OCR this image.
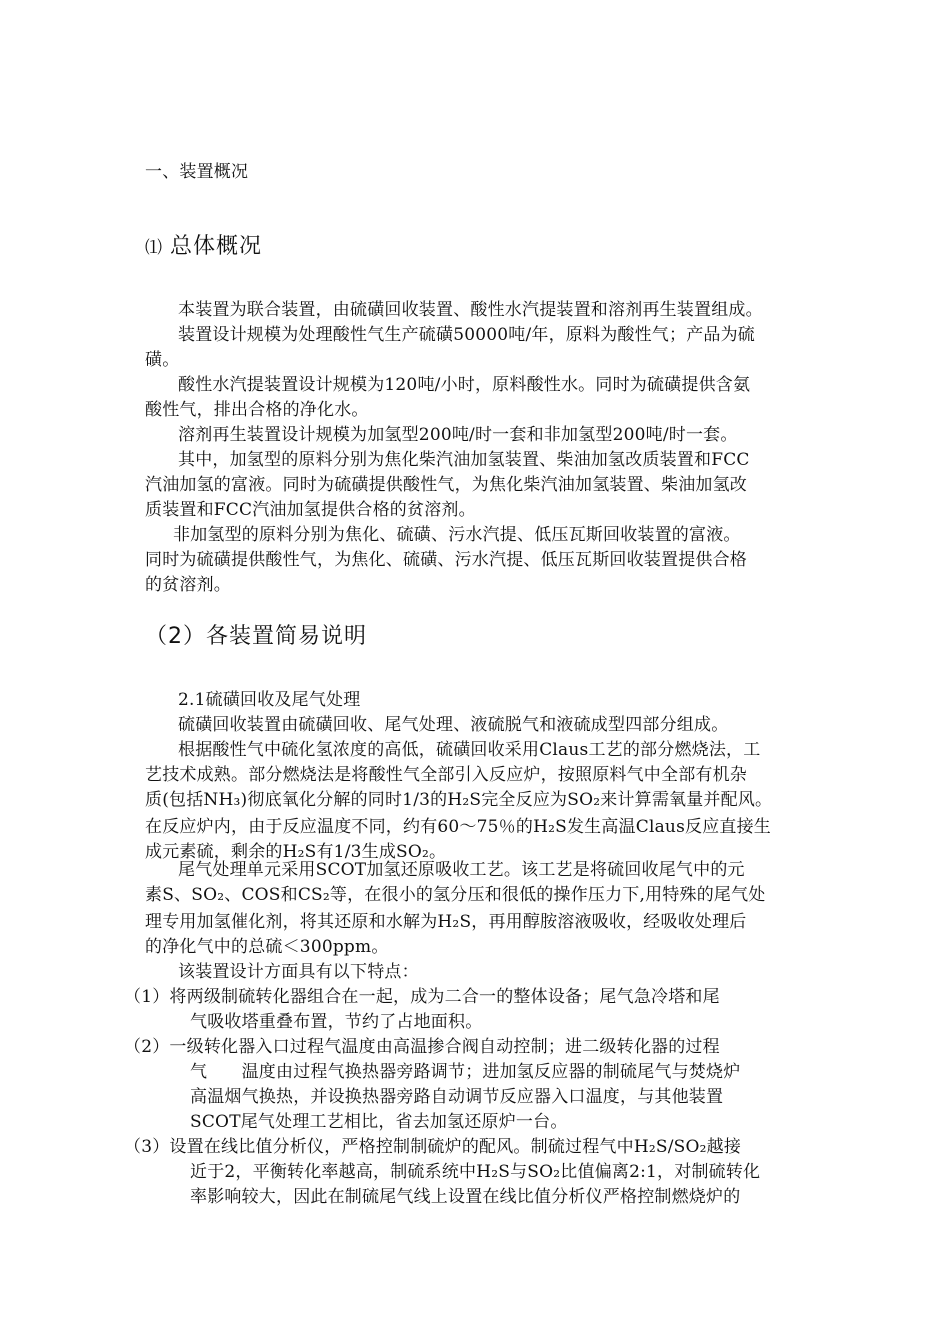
一、装置概况
⑴ 总体概况
本装置为联合装置，由硫磺回收装置、酸性水汽提装置和溶剂再生装置组成。
装置设计规模为处理酸性气生产硫磺50000吨/年，原料为酸性气；产品为硫
磺。
酸性水汽提装置设计规模为120吨/小时，原料酸性水。同时为硫磺提供含氨
酸性气，排出合格的净化水。
溶剂再生装置设计规模为加氢型200吨/时一套和非加氢型200吨/时一套。
其中，加氢型的原料分别为焦化柴汽油加氢装置、柴油加氢改质装置和FCC
汽油加氢的富液。同时为硫磺提供酸性气，为焦化柴汽油加氢装置、柴油加氢改
质装置和FCC汽油加氢提供合格的贫溶剂。
非加氢型的原料分别为焦化、硫磺、污水汽提、低压瓦斯回收装置的富液。
同时为硫磺提供酸性气，为焦化、硫磺、污水汽提、低压瓦斯回收装置提供合格
的贫溶剂。
（2）各装置简易说明
2.1硫磺回收及尾气处理
硫磺回收装置由硫磺回收、尾气处理、液硫脱气和液硫成型四部分组成。
根据酸性气中硫化氢浓度的高低，硫磺回收采用Claus工艺的部分燃烧法，工
艺技术成熟。部分燃烧法是将酸性气全部引入反应炉，按照原料气中全部有机杂
质(包括NH₃)彻底氧化分解的同时1/3的H₂S完全反应为SO₂来计算需氧量并配风。
在反应炉内，由于反应温度不同，约有60～75％的H₂S发生高温Claus反应直接生
成元素硫，剩余的H₂S有1/3生成SO₂。
尾气处理单元采用SCOT加氢还原吸收工艺。该工艺是将硫回收尾气中的元
素S、SO₂、COS和CS₂等，在很小的氢分压和很低的操作压力下,用特殊的尾气处
理专用加氢催化剂，将其还原和水解为H₂S，再用醇胺溶液吸收，经吸收处理后
的净化气中的总硫＜300ppm。
该装置设计方面具有以下特点：
（1）将两级制硫转化器组合在一起，成为二合一的整体设备；尾气急冷塔和尾
气吸收塔重叠布置，节约了占地面积。
（2）一级转化器入口过程气温度由高温掺合阀自动控制；进二级转化器的过程
气　　温度由过程气换热器旁路调节；进加氢反应器的制硫尾气与焚烧炉
高温烟气换热，并设换热器旁路自动调节反应器入口温度，与其他装置
SCOT尾气处理工艺相比，省去加氢还原炉一台。
（3）设置在线比值分析仪，严格控制制硫炉的配风。制硫过程气中H₂S/SO₂越接
近于2，平衡转化率越高，制硫系统中H₂S与SO₂比值偏离2:1，对制硫转化
率影响较大，因此在制硫尾气线上设置在线比值分析仪严格控制燃烧炉的
